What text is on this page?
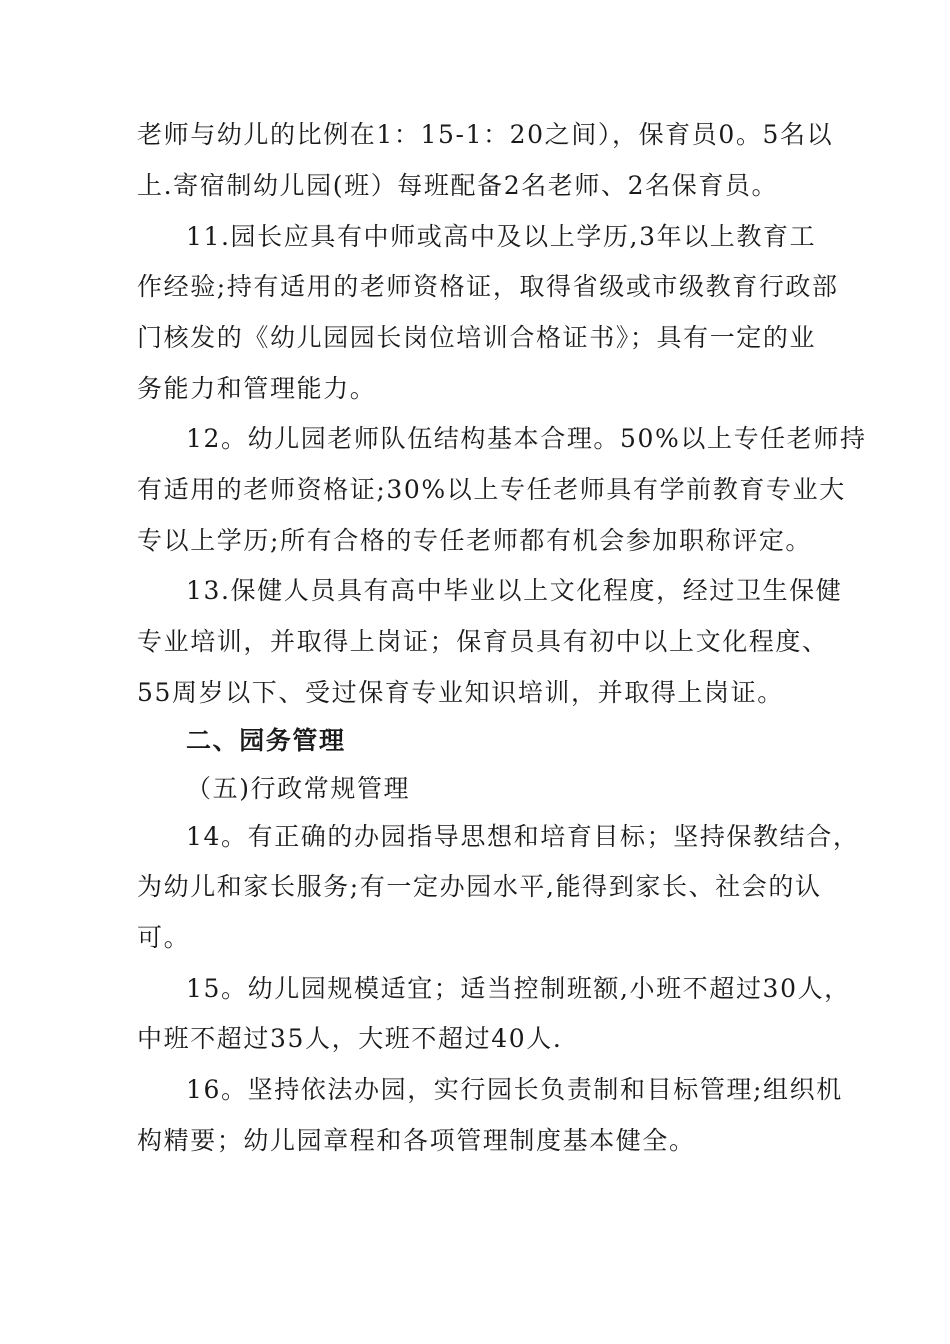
老师与幼儿的比例在1：15-1：20之间），保育员0。5名以
上.寄宿制幼儿园(班）每班配备2名老师、2名保育员。
11.园长应具有中师或高中及以上学历,3年以上教育工
作经验;持有适用的老师资格证，取得省级或市级教育行政部
门核发的《幼儿园园长岗位培训合格证书》；具有一定的业
务能力和管理能力。
12。幼儿园老师队伍结构基本合理。50%以上专任老师持
有适用的老师资格证;30%以上专任老师具有学前教育专业大
专以上学历;所有合格的专任老师都有机会参加职称评定。
13.保健人员具有高中毕业以上文化程度，经过卫生保健
专业培训，并取得上岗证；保育员具有初中以上文化程度、
55周岁以下、受过保育专业知识培训，并取得上岗证。
二、园务管理
（五)行政常规管理
14。有正确的办园指导思想和培育目标；坚持保教结合，
为幼儿和家长服务;有一定办园水平,能得到家长、社会的认
可。
15。幼儿园规模适宜；适当控制班额,小班不超过30人，
中班不超过35人，大班不超过40人.
16。坚持依法办园，实行园长负责制和目标管理;组织机
构精要；幼儿园章程和各项管理制度基本健全。
